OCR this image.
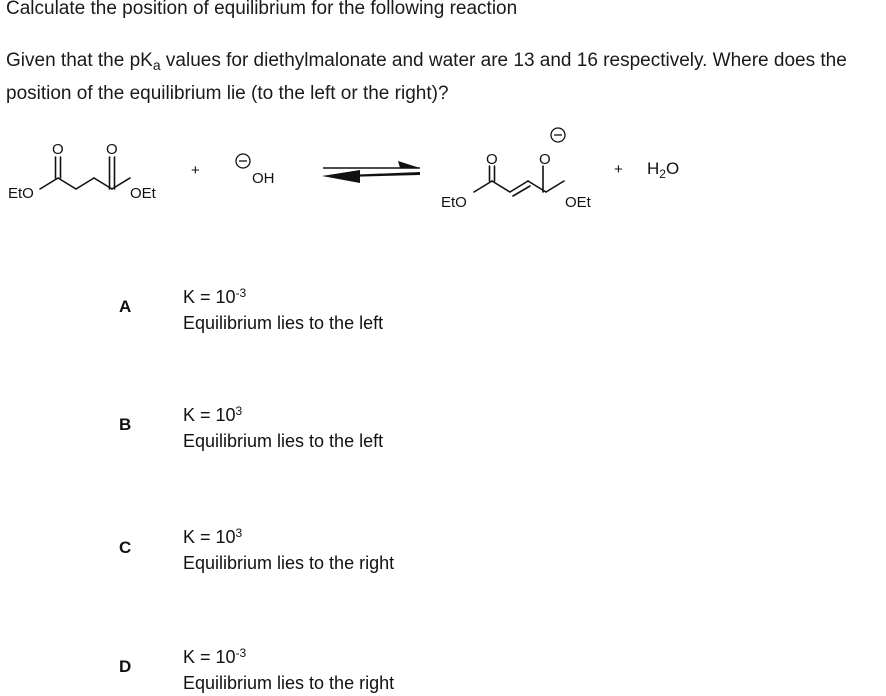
Calculate the position of equilibrium for the following reaction
Given that the $pK_a$ values for diethylmalonate and water are 13 and 16 respectively. Where does the position of the equilibrium lie (to the left or the right)?
EtO
O	O
OEt
+	OH
EtO
O	O
OEt
+ $H_2O$
A	$K = 10^{-3}$
Equilibrium lies to the left
B	$K = 10^3$
Equilibrium lies to the left
C
$K = 10^3$
Equilibrium lies to the right
D	$K = 10^{-3}$
Equilibrium lies to the right
